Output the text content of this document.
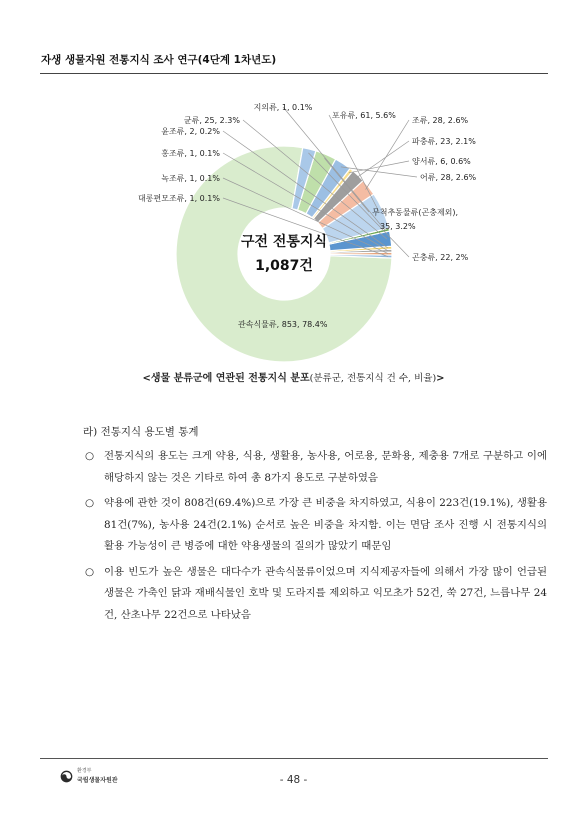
자생 생물자원 전통지식 조사 연구(4단계 1차년도)
관속식물류, 853, 78.4%
대롱편모조류, 1, 0.1%
녹조류, 1, 0.1%
홍조류, 1, 0.1%
윤조류, 2, 0.2%
균류, 25, 2.3%
지의류, 1, 0.1%
포유류, 61, 5.6%
조류, 28, 2.6%
파충류, 23, 2.1%
양서류, 6, 0.6%
어류, 28, 2.6%
무척추동물류(곤충제외), 35, 3.2%
곤충류, 22, 2%
구전 전통지식
1,087건
<생물 분류군에 연관된 전통지식 분포(분류군, 전통지식 건 수, 비율)>
라) 전통지식 용도별 통계
○ 전통지식의 용도는 크게 약용, 식용, 생활용, 농사용, 어로용, 문화용, 제충용 7개로 구분하고 이에 해당하지 않는 것은 기타로 하여 총 8가지 용도로 구분하였음
○ 약용에 관한 것이 808건(69.4%)으로 가장 큰 비중을 차지하였고, 식용이 223건(19.1%), 생활용 81건(7%), 농사용 24건(2.1%) 순서로 높은 비중을 차지함. 이는 면담 조사 진행 시 전통지식의 활용 가능성이 큰 병증에 대한 약용생물의 질의가 많았기 때문임
○ 이용 빈도가 높은 생물은 대다수가 관속식물류이었으며 지식제공자들에 의해서 가장 많이 언급된 생물은 가축인 닭과 재배식물인 호박 및 도라지를 제외하고 익모초가 52건, 쑥 27건, 느릅나무 24건, 산초나무 22건으로 나타났음
환경부
국립생물자원관	- 48 -
